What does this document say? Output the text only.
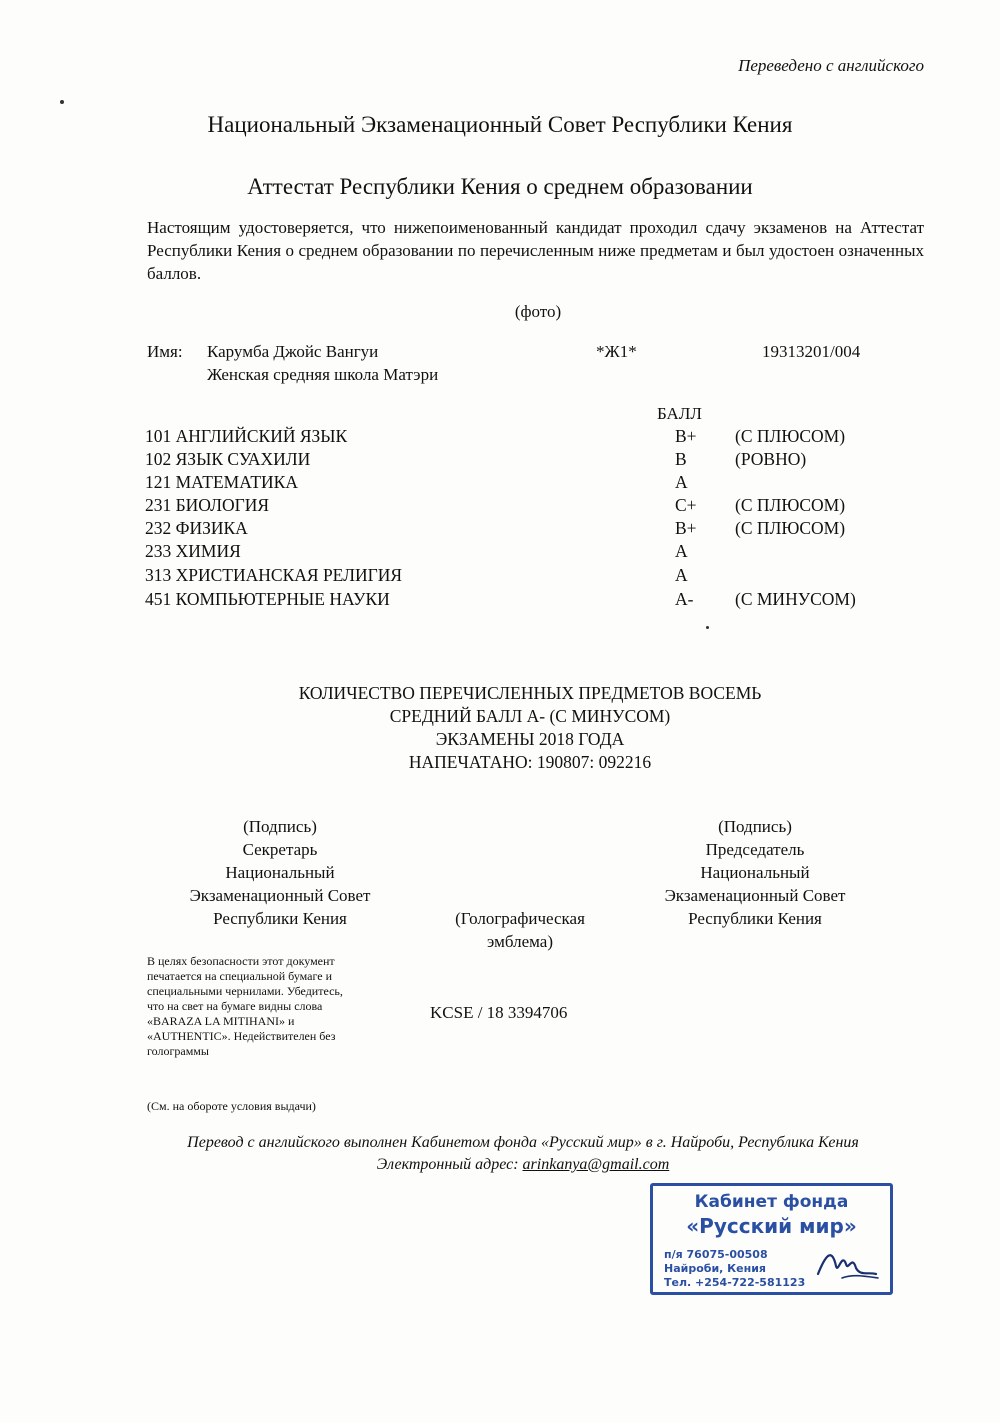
Переведено с английского
Национальный Экзаменационный Совет Республики Кения
Аттестат Республики Кения о среднем образовании
Настоящим удостоверяется, что нижепоименованный кандидат проходил сдачу экзаменов на Аттестат Республики Кения о среднем образовании по перечисленным ниже предметам и был удостоен означенных баллов.
(фото)
Имя: Карумба Джойс Вангуи
Женская средняя школа Матэри
*Ж1*	19313201/004
БАЛЛ
101 АНГЛИЙСКИЙ ЯЗЫК	B+ (С ПЛЮСОМ)
102 ЯЗЫК СУАХИЛИ	B	(РОВНО)
121 МАТЕМАТИКА	A
231 БИОЛОГИЯ	C+ (С ПЛЮСОМ)
232 ФИЗИКА	B+ (С ПЛЮСОМ)
233 ХИМИЯ	A
313 ХРИСТИАНСКАЯ РЕЛИГИЯ	A
451 КОМПЬЮТЕРНЫЕ НАУКИ	A- (С МИНУСОМ)
КОЛИЧЕСТВО ПЕРЕЧИСЛЕННЫХ ПРЕДМЕТОВ ВОСЕМЬ
СРЕДНИЙ БАЛЛ A- (С МИНУСОМ)
ЭКЗАМЕНЫ 2018 ГОДА
НАПЕЧАТАНО: 190807: 092216
(Подпись)
Секретарь
Национальный
Экзаменационный Совет
Республики Кения
(Подпись)
Председатель
Национальный
Экзаменационный Совет
Республики Кения
(Голографическая
эмблема)
В целях безопасности этот документ
печатается на специальной бумаге и
специальными чернилами. Убедитесь,
что на свет на бумаге видны слова
«BARAZA LA MITIHANI» и
«AUTHENTIC». Недействителен без
голограммы
KCSE / 18 3394706
(См. на обороте условия выдачи)
Перевод с английского выполнен Кабинетом фонда «Русский мир» в г. Найроби, Республика Кения
Электронный адрес: arinkanya@gmail.com
Кабинет фонда
«Русский мир»
п/я 76075-00508
Найроби, Кения
Тел. +254-722-581123
